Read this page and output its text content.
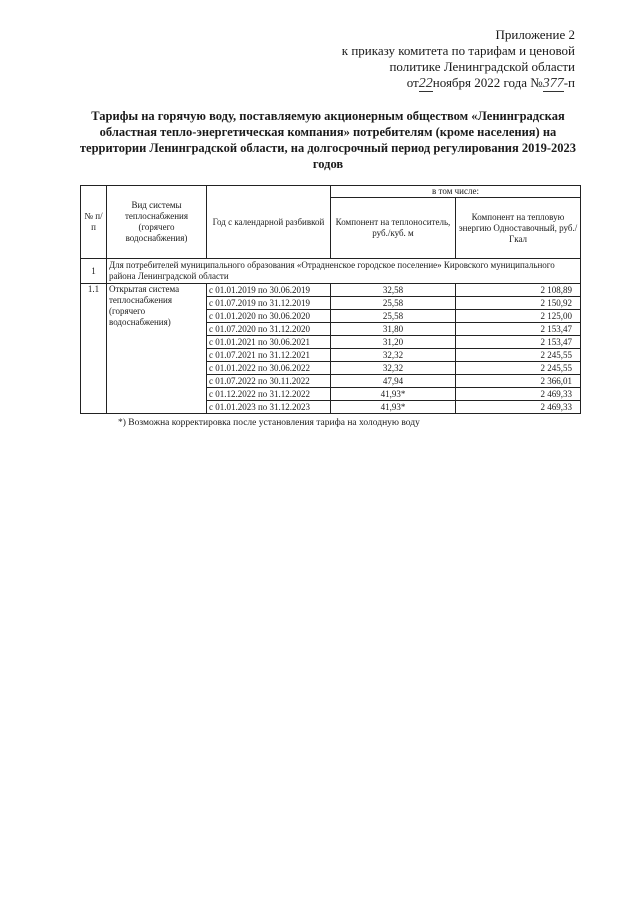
Приложение 2
к приказу комитета по тарифам и ценовой
политике Ленинградской области
от22ноября 2022 года №377-п
Тарифы на горячую воду, поставляемую акционерным обществом «Ленинградская областная тепло-энергетическая компания» потребителям (кроме населения) на территории Ленинградской области, на долгосрочный период регулирования 2019-2023 годов
№ п/п	Вид системы теплоснабжения (горячего водоснабжения)	Год с календарной разбивкой	в том числе:	
			Компонент на теплоноситель, руб./куб. м	Компонент на тепловую энергию Одноставочный, руб./Гкал
1	Для потребителей муниципального образования «Отрадненское городское поселение» Кировского муниципального района Ленинградской области			
1.1	Открытая система теплоснабжения (горячего водоснабжения)	с 01.01.2019 по 30.06.2019	32,58	2 108,89
		с 01.07.2019 по 31.12.2019	25,58	2 150,92
		с 01.01.2020 по 30.06.2020	25,58	2 125,00
		с 01.07.2020 по 31.12.2020	31,80	2 153,47
		с 01.01.2021 по 30.06.2021	31,20	2 153,47
		с 01.07.2021 по 31.12.2021	32,32	2 245,55
		с 01.01.2022 по 30.06.2022	32,32	2 245,55
		с 01.07.2022 по 30.11.2022	47,94	2 366,01
		с 01.12.2022 по 31.12.2022	41,93*	2 469,33
		с 01.01.2023 по 31.12.2023	41,93*	2 469,33
*) Возможна корректировка после установления тарифа на холодную воду
